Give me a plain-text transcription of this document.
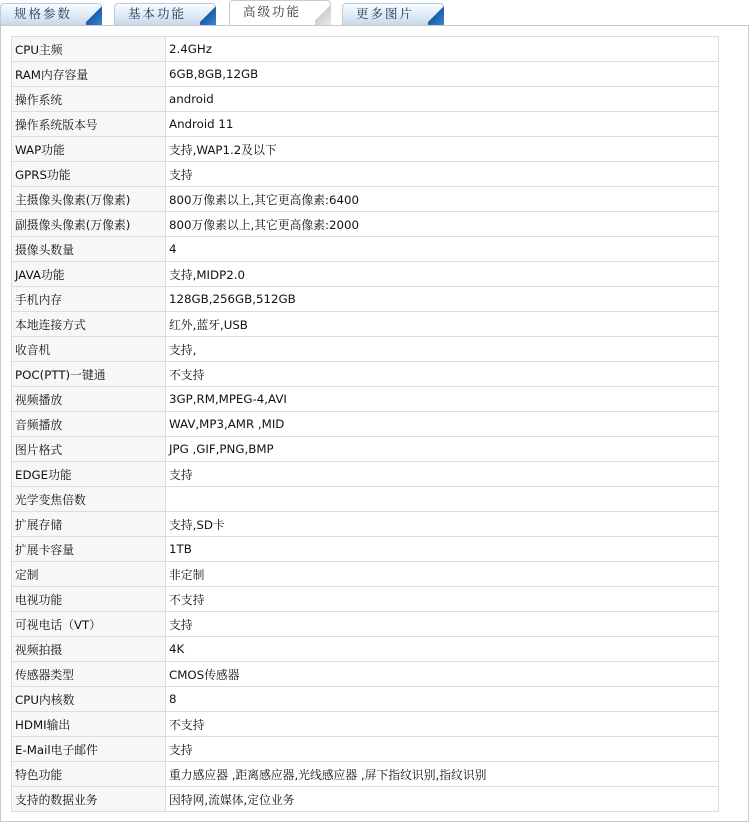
规格参数	基本功能	高级功能	更多图片
CPU主频	2.4GHz
RAM内存容量	6GB,8GB,12GB
操作系统	android
操作系统版本号	Android 11
WAP功能	支持,WAP1.2及以下
GPRS功能	支持
主摄像头像素(万像素)	800万像素以上,其它更高像素:6400
副摄像头像素(万像素)	800万像素以上,其它更高像素:2000
摄像头数量	4
JAVA功能	支持,MIDP2.0
手机内存	128GB,256GB,512GB
本地连接方式	红外,蓝牙,USB
收音机	支持,
POC(PTT)一键通	不支持
视频播放	3GP,RM,MPEG-4,AVI
音频播放	WAV,MP3,AMR ,MID
图片格式	JPG ,GIF,PNG,BMP
EDGE功能	支持
光学变焦倍数	
扩展存储	支持,SD卡
扩展卡容量	1TB
定制	非定制
电视功能	不支持
可视电话（VT）	支持
视频拍摄	4K
传感器类型	CMOS传感器
CPU内核数	8
HDMI输出	不支持
E-Mail电子邮件	支持
特色功能	重力感应器 ,距离感应器,光线感应器 ,屏下指纹识别,指纹识别
支持的数据业务	因特网,流媒体,定位业务
